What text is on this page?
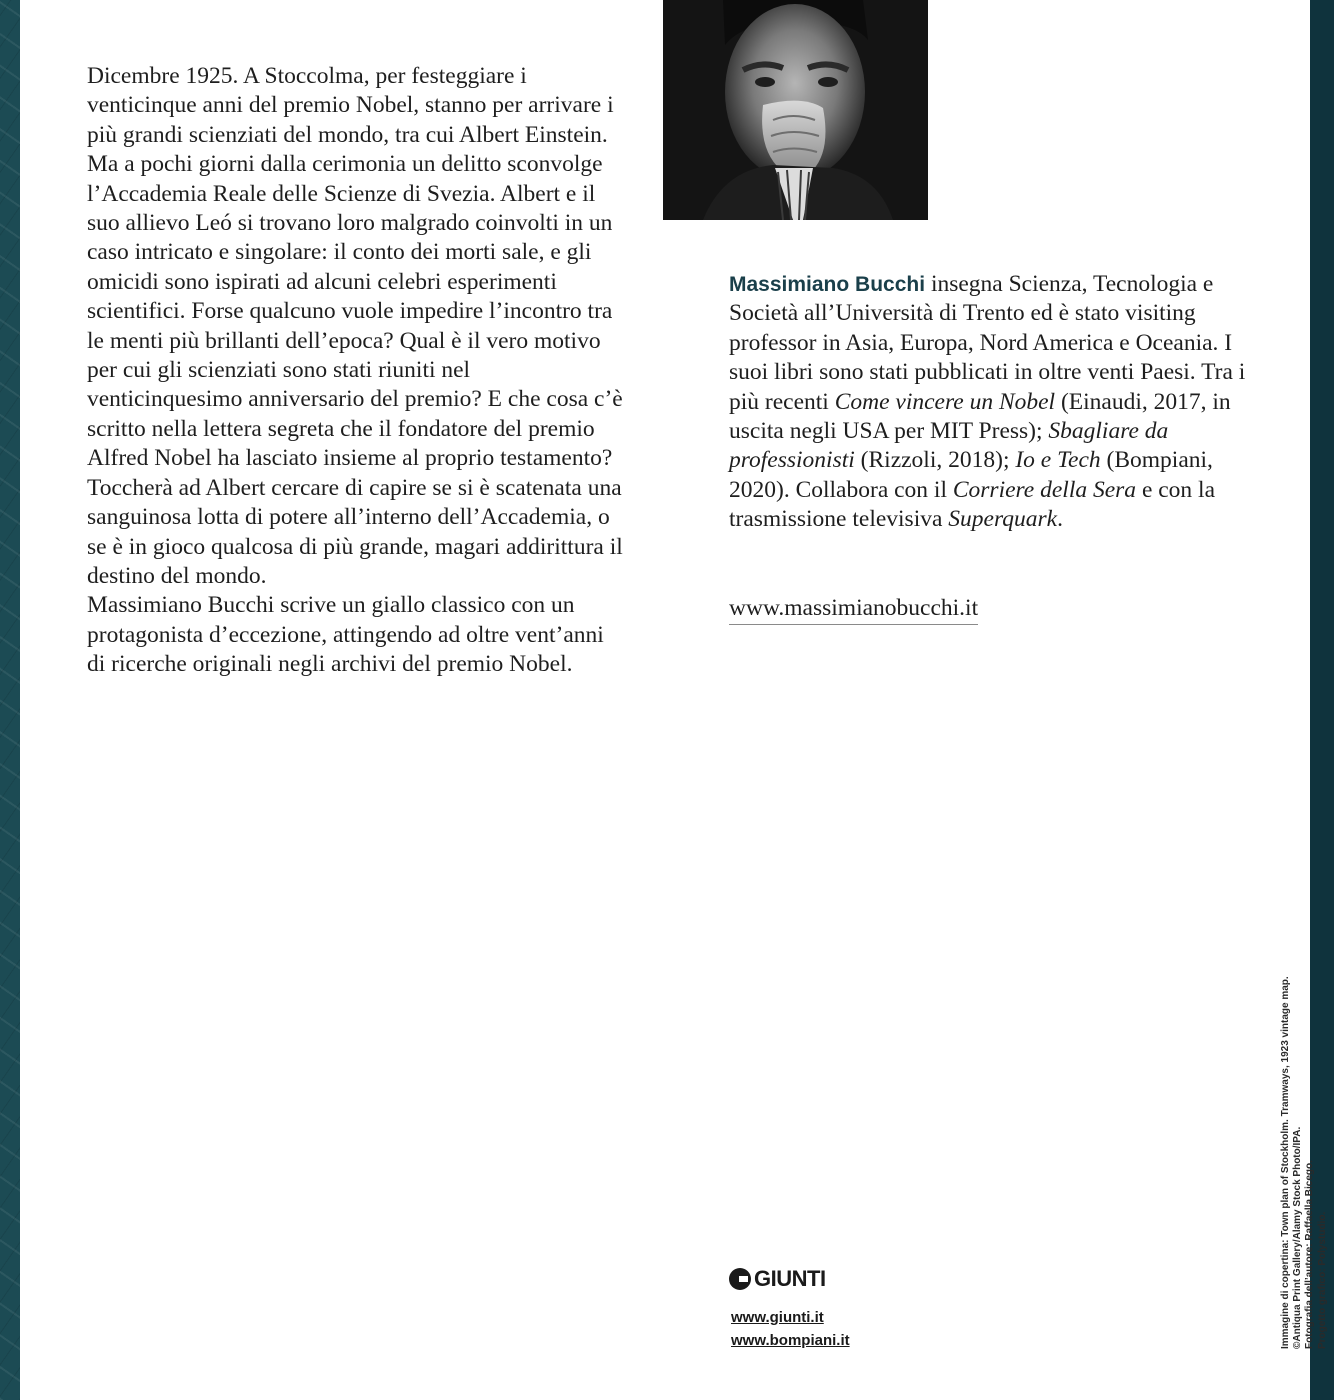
Dicembre 1925. A Stoccolma, per festeggiare i venticinque anni del premio Nobel, stanno per arrivare i più grandi scienziati del mondo, tra cui Albert Einstein. Ma a pochi giorni dalla cerimonia un delitto sconvolge l’Accademia Reale delle Scienze di Svezia. Albert e il suo allievo Leó si trovano loro malgrado coinvolti in un caso intricato e singolare: il conto dei morti sale, e gli omicidi sono ispirati ad alcuni celebri esperimenti scientifici. Forse qualcuno vuole impedire l’incontro tra le menti più brillanti dell’epoca? Qual è il vero motivo per cui gli scienziati sono stati riuniti nel venticinquesimo anniversario del premio? E che cosa c’è scritto nella lettera segreta che il fondatore del premio Alfred Nobel ha lasciato insieme al proprio testamento? Toccherà ad Albert cercare di capire se si è scatenata una sanguinosa lotta di potere all’interno dell’Accademia, o se è in gioco qualcosa di più grande, magari addirittura il destino del mondo.

Massimiano Bucchi scrive un giallo classico con un protagonista d’eccezione, attingendo ad oltre vent’anni di ricerche originali negli archivi del premio Nobel.

Massimiano Bucchi insegna Scienza, Tecnologia e Società all’Università di Trento ed è stato visiting professor in Asia, Europa, Nord America e Oceania. I suoi libri sono stati pubblicati in oltre venti Paesi. Tra i più recenti Come vincere un Nobel (Einaudi, 2017, in uscita negli USA per MIT Press); Sbagliare da professionisti (Rizzoli, 2018); Io e Tech (Bompiani, 2020). Collabora con il Corriere della Sera e con la trasmissione televisiva Superquark.
www.massimianobucchi.it
GIUNTI
www.giunti.it
www.bompiani.it	Immagine di copertina: Town plan of Stockholm. Tramways, 1923 vintage map. ©Antiqua Print Gallery/Alamy Stock Photo/IPA. Fotografia dell’autore: Raffaella Bicego. Progetto grafico: Polystudio.
